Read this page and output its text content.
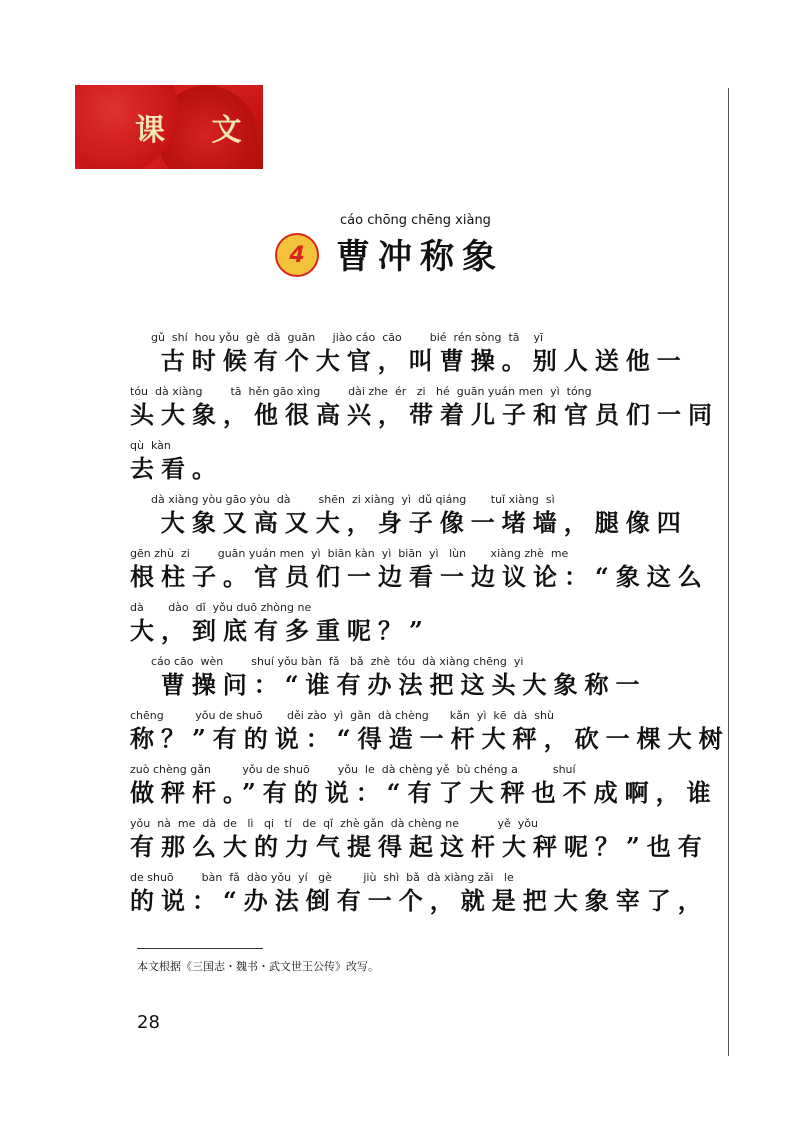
课 文
cáo chōng chēng xiàng
4 曹冲称象
gǔ  shí  hou yǒu  gè  dà  guān     jiào cáo  cāo        bié  rén sòng  tā    yī
古时候有个大官，叫曹操。别人送他一
tóu  dà xiàng        tā  hěn gāo xìng        dài zhe  ér   zi   hé  guān yuán men  yì  tóng
头大象，他很高兴，带着儿子和官员们一同
qù  kàn
去看。
dà xiàng yòu gāo yòu  dà        shēn  zi xiàng  yì  dǔ qiáng       tuǐ xiàng  sì
大象又高又大，身子像一堵墙，腿像四
gēn zhù  zi        guān yuán men  yì  biān kàn  yì  biān  yì   lùn       xiàng zhè  me
根柱子。官员们一边看一边议论：“象这么
dà       dào  dǐ  yǒu duō zhòng ne
大，到底有多重呢？”
cáo cāo  wèn        shuí yǒu bàn  fǎ   bǎ  zhè  tóu  dà xiàng chēng  yi
曹操问：“谁有办法把这头大象称一
chēng         yǒu de shuō       děi zào  yì  gǎn  dà chèng      kǎn  yì  kē  dà  shù
称？”有的说：“得造一杆大秤，砍一棵大树
zuò chèng gǎn         yǒu de shuō        yǒu  le  dà chèng yě  bù chéng a          shuí
做秤杆。”有的说：“有了大秤也不成啊，谁
yǒu  nà  me  dà  de   lì   qi   tí   de  qǐ  zhè gǎn  dà chèng ne           yě  yǒu
有那么大的力气提得起这杆大秤呢？”也有
de shuō        bàn  fǎ  dào yǒu  yí   gè         jiù  shì  bǎ  dà xiàng zǎi   le
的说：“办法倒有一个，就是把大象宰了，
本文根据《三国志・魏书・武文世王公传》改写。
28
